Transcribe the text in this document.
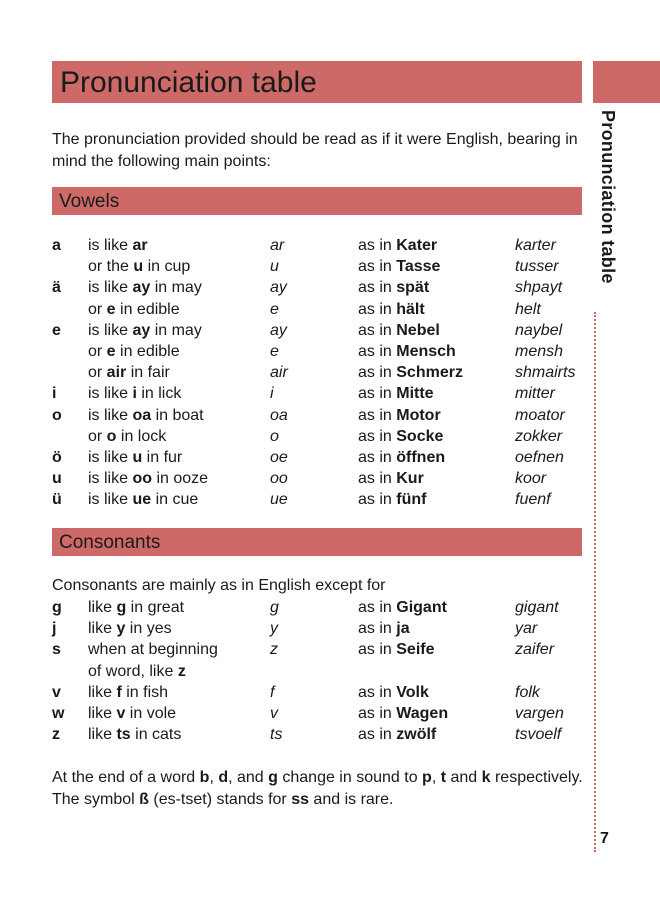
Pronunciation table
Pronunciation table
7

The pronunciation provided should be read as if it were English, bearing in mind the following main points:

Vowels
a is like ar	ar	as in Kater	karter
or the u in cup	u	as in Tasse	tusser
ä is like ay in may	ay	as in spät	shpayt
or e in edible	e	as in hält	helt
e is like ay in may	ay	as in Nebel	naybel
or e in edible	e	as in Mensch	mensh
or air in fair	air	as in Schmerz	shmairts
i is like i in lick	i	as in Mitte	mitter
o is like oa in boat	oa	as in Motor	moator
or o in lock	o	as in Socke	zokker
ö is like u in fur	oe	as in öffnen	oefnen
u is like oo in ooze	oo	as in Kur	koor
ü is like ue in cue	ue	as in fünf	fuenf
Consonants
Consonants are mainly as in English except for
g like g in great	g	as in Gigant	gigant
j like y in yes	y	as in ja	yar
s when at beginning	z	as in Seife	zaifer
of word, like z
v like f in fish	f	as in Volk	folk
w like v in vole	v	as in Wagen	vargen
z like ts in cats	ts	as in zwölf	tsvoelf

At the end of a word b, d, and g change in sound to p, t and k respectively. The symbol ß (es-tset) stands for ss and is rare.
